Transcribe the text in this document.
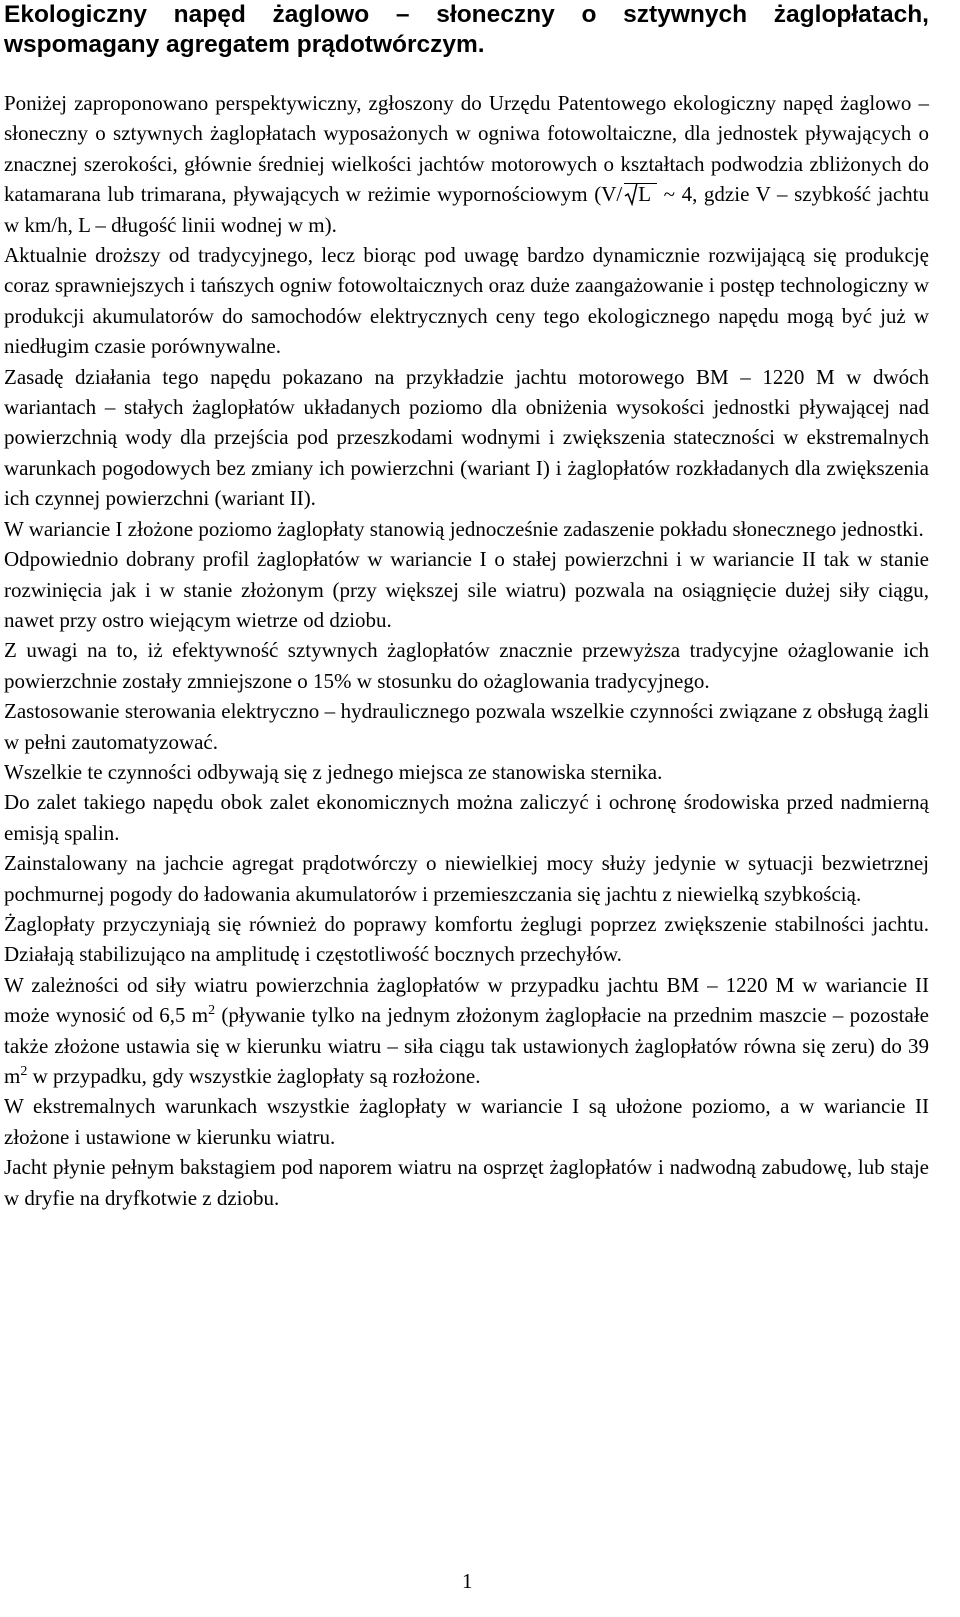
Ekologiczny napęd żaglowo – słoneczny o sztywnych żaglopłatach, wspomagany agregatem prądotwórczym.

Poniżej zaproponowano perspektywiczny, zgłoszony do Urzędu Patentowego ekologiczny napęd żaglowo – słoneczny o sztywnych żaglopłatach wyposażonych w ogniwa fotowoltaiczne, dla jednostek pływających o znacznej szerokości, głównie średniej wielkości jachtów motorowych o kształtach podwodzia zbliżonych do katamarana lub trimarana, pływających w reżimie wypornościowym (V/ L ~ 4, gdzie V – szybkość jachtu w km/h, L – długość linii wodnej w m).

Aktualnie droższy od tradycyjnego, lecz biorąc pod uwagę bardzo dynamicznie rozwijającą się produkcję coraz sprawniejszych i tańszych ogniw fotowoltaicznych oraz duże zaangażowanie i postęp technologiczny w produkcji akumulatorów do samochodów elektrycznych ceny tego ekologicznego napędu mogą być już w niedługim czasie porównywalne.

Zasadę działania tego napędu pokazano na przykładzie jachtu motorowego BM – 1220 M w dwóch wariantach – stałych żaglopłatów układanych poziomo dla obniżenia wysokości jednostki pływającej nad powierzchnią wody dla przejścia pod przeszkodami wodnymi i zwiększenia stateczności w ekstremalnych warunkach pogodowych bez zmiany ich powierzchni (wariant I) i żaglopłatów rozkładanych dla zwiększenia ich czynnej powierzchni (wariant II).

W wariancie I złożone poziomo żaglopłaty stanowią jednocześnie zadaszenie pokładu słonecznego jednostki.

Odpowiednio dobrany profil żaglopłatów w wariancie I o stałej powierzchni i w wariancie II tak w stanie rozwinięcia jak i w stanie złożonym (przy większej sile wiatru) pozwala na osiągnięcie dużej siły ciągu, nawet przy ostro wiejącym wietrze od dziobu.

Z uwagi na to, iż efektywność sztywnych żaglopłatów znacznie przewyższa tradycyjne ożaglowanie ich powierzchnie zostały zmniejszone o 15% w stosunku do ożaglowania tradycyjnego.

Zastosowanie sterowania elektryczno – hydraulicznego pozwala wszelkie czynności związane z obsługą żagli w pełni zautomatyzować.

Wszelkie te czynności odbywają się z jednego miejsca ze stanowiska sternika.

Do zalet takiego napędu obok zalet ekonomicznych można zaliczyć i ochronę środowiska przed nadmierną emisją spalin.

Zainstalowany na jachcie agregat prądotwórczy o niewielkiej mocy służy jedynie w sytuacji bezwietrznej pochmurnej pogody do ładowania akumulatorów i przemieszczania się jachtu z niewielką szybkością.

Żaglopłaty przyczyniają się również do poprawy komfortu żeglugi poprzez zwiększenie stabilności jachtu. Działają stabilizująco na amplitudę i częstotliwość bocznych przechyłów.

W zależności od siły wiatru powierzchnia żaglopłatów w przypadku jachtu BM – 1220 M w wariancie II może wynosić od 6,5 $m^2$ (pływanie tylko na jednym złożonym żaglopłacie na przednim maszcie – pozostałe także złożone ustawia się w kierunku wiatru – siła ciągu tak ustawionych żaglopłatów równa się zeru) do 39 $m^2$ w przypadku, gdy wszystkie żaglopłaty są rozłożone.

W ekstremalnych warunkach wszystkie żaglopłaty w wariancie I są ułożone poziomo, a w wariancie II złożone i ustawione w kierunku wiatru.

Jacht płynie pełnym bakstagiem pod naporem wiatru na osprzęt żaglopłatów i nadwodną zabudowę, lub staje w dryfie na dryfkotwie z dziobu.

1
